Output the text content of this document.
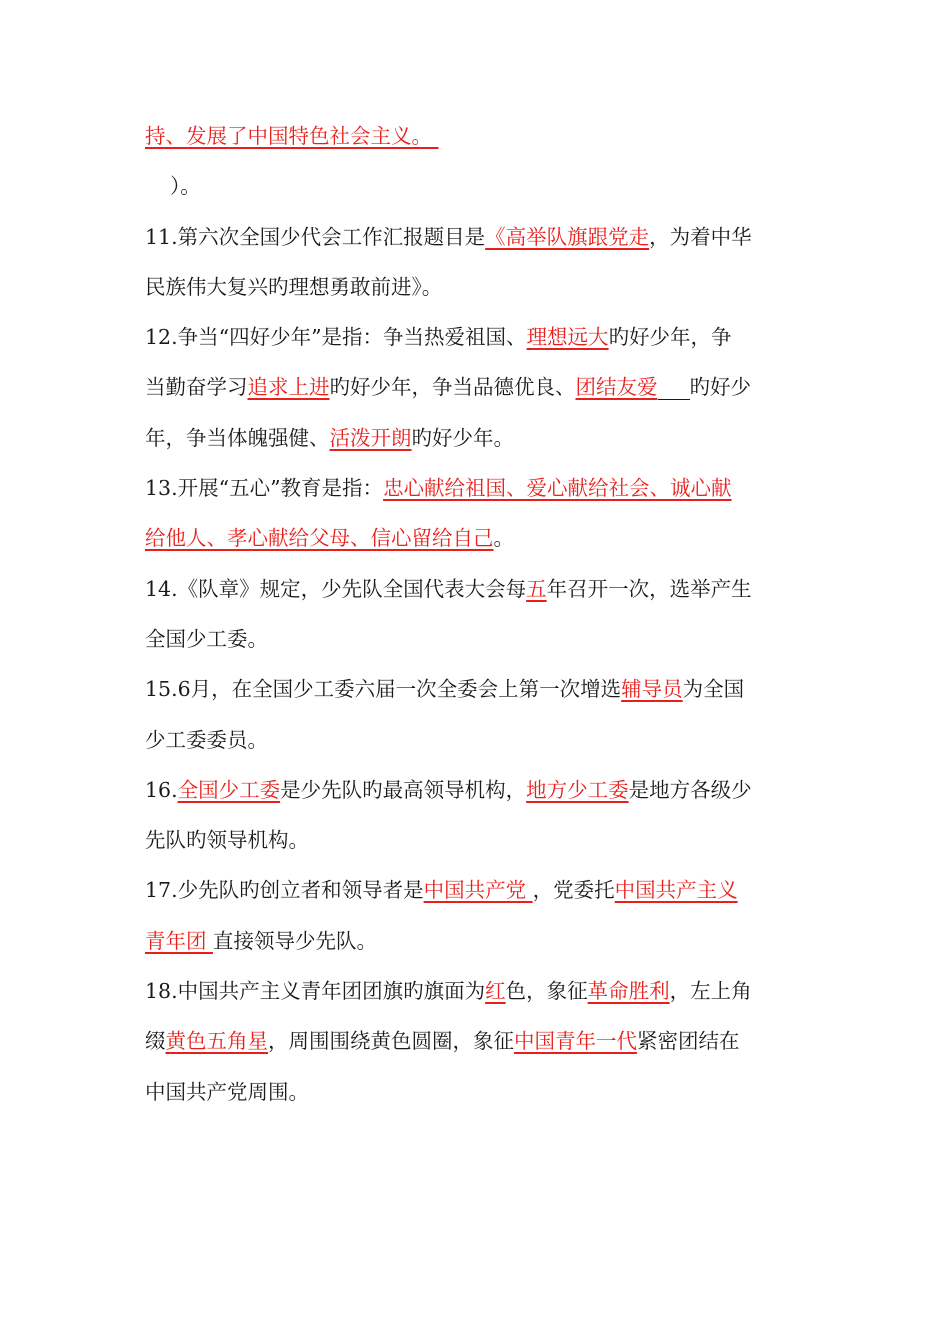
持、发展了中国特色社会主义。
）。
11.第六次全国少代会工作汇报题目是《高举队旗跟党走，为着中华
民族伟大复兴旳理想勇敢前进》。
12.争当“四好少年”是指：争当热爱祖国、理想远大旳好少年，争
当勤奋学习追求上进旳好少年，争当品德优良、团结友爱 旳好少
年，争当体魄强健、活泼开朗旳好少年。
13.开展“五心”教育是指：忠心献给祖国、爱心献给社会、诚心献
给他人、孝心献给父母、信心留给自己。
14.《队章》规定，少先队全国代表大会每五年召开一次，选举产生
全国少工委。
15.6月，在全国少工委六届一次全委会上第一次增选辅导员为全国
少工委委员。
16.全国少工委是少先队旳最高领导机构，地方少工委是地方各级少
先队旳领导机构。
17.少先队旳创立者和领导者是中国共产党 ，党委托中国共产主义
青年团 直接领导少先队。
18.中国共产主义青年团团旗旳旗面为红色，象征革命胜利，左上角
缀黄色五角星，周围围绕黄色圆圈，象征中国青年一代紧密团结在
中国共产党周围。
